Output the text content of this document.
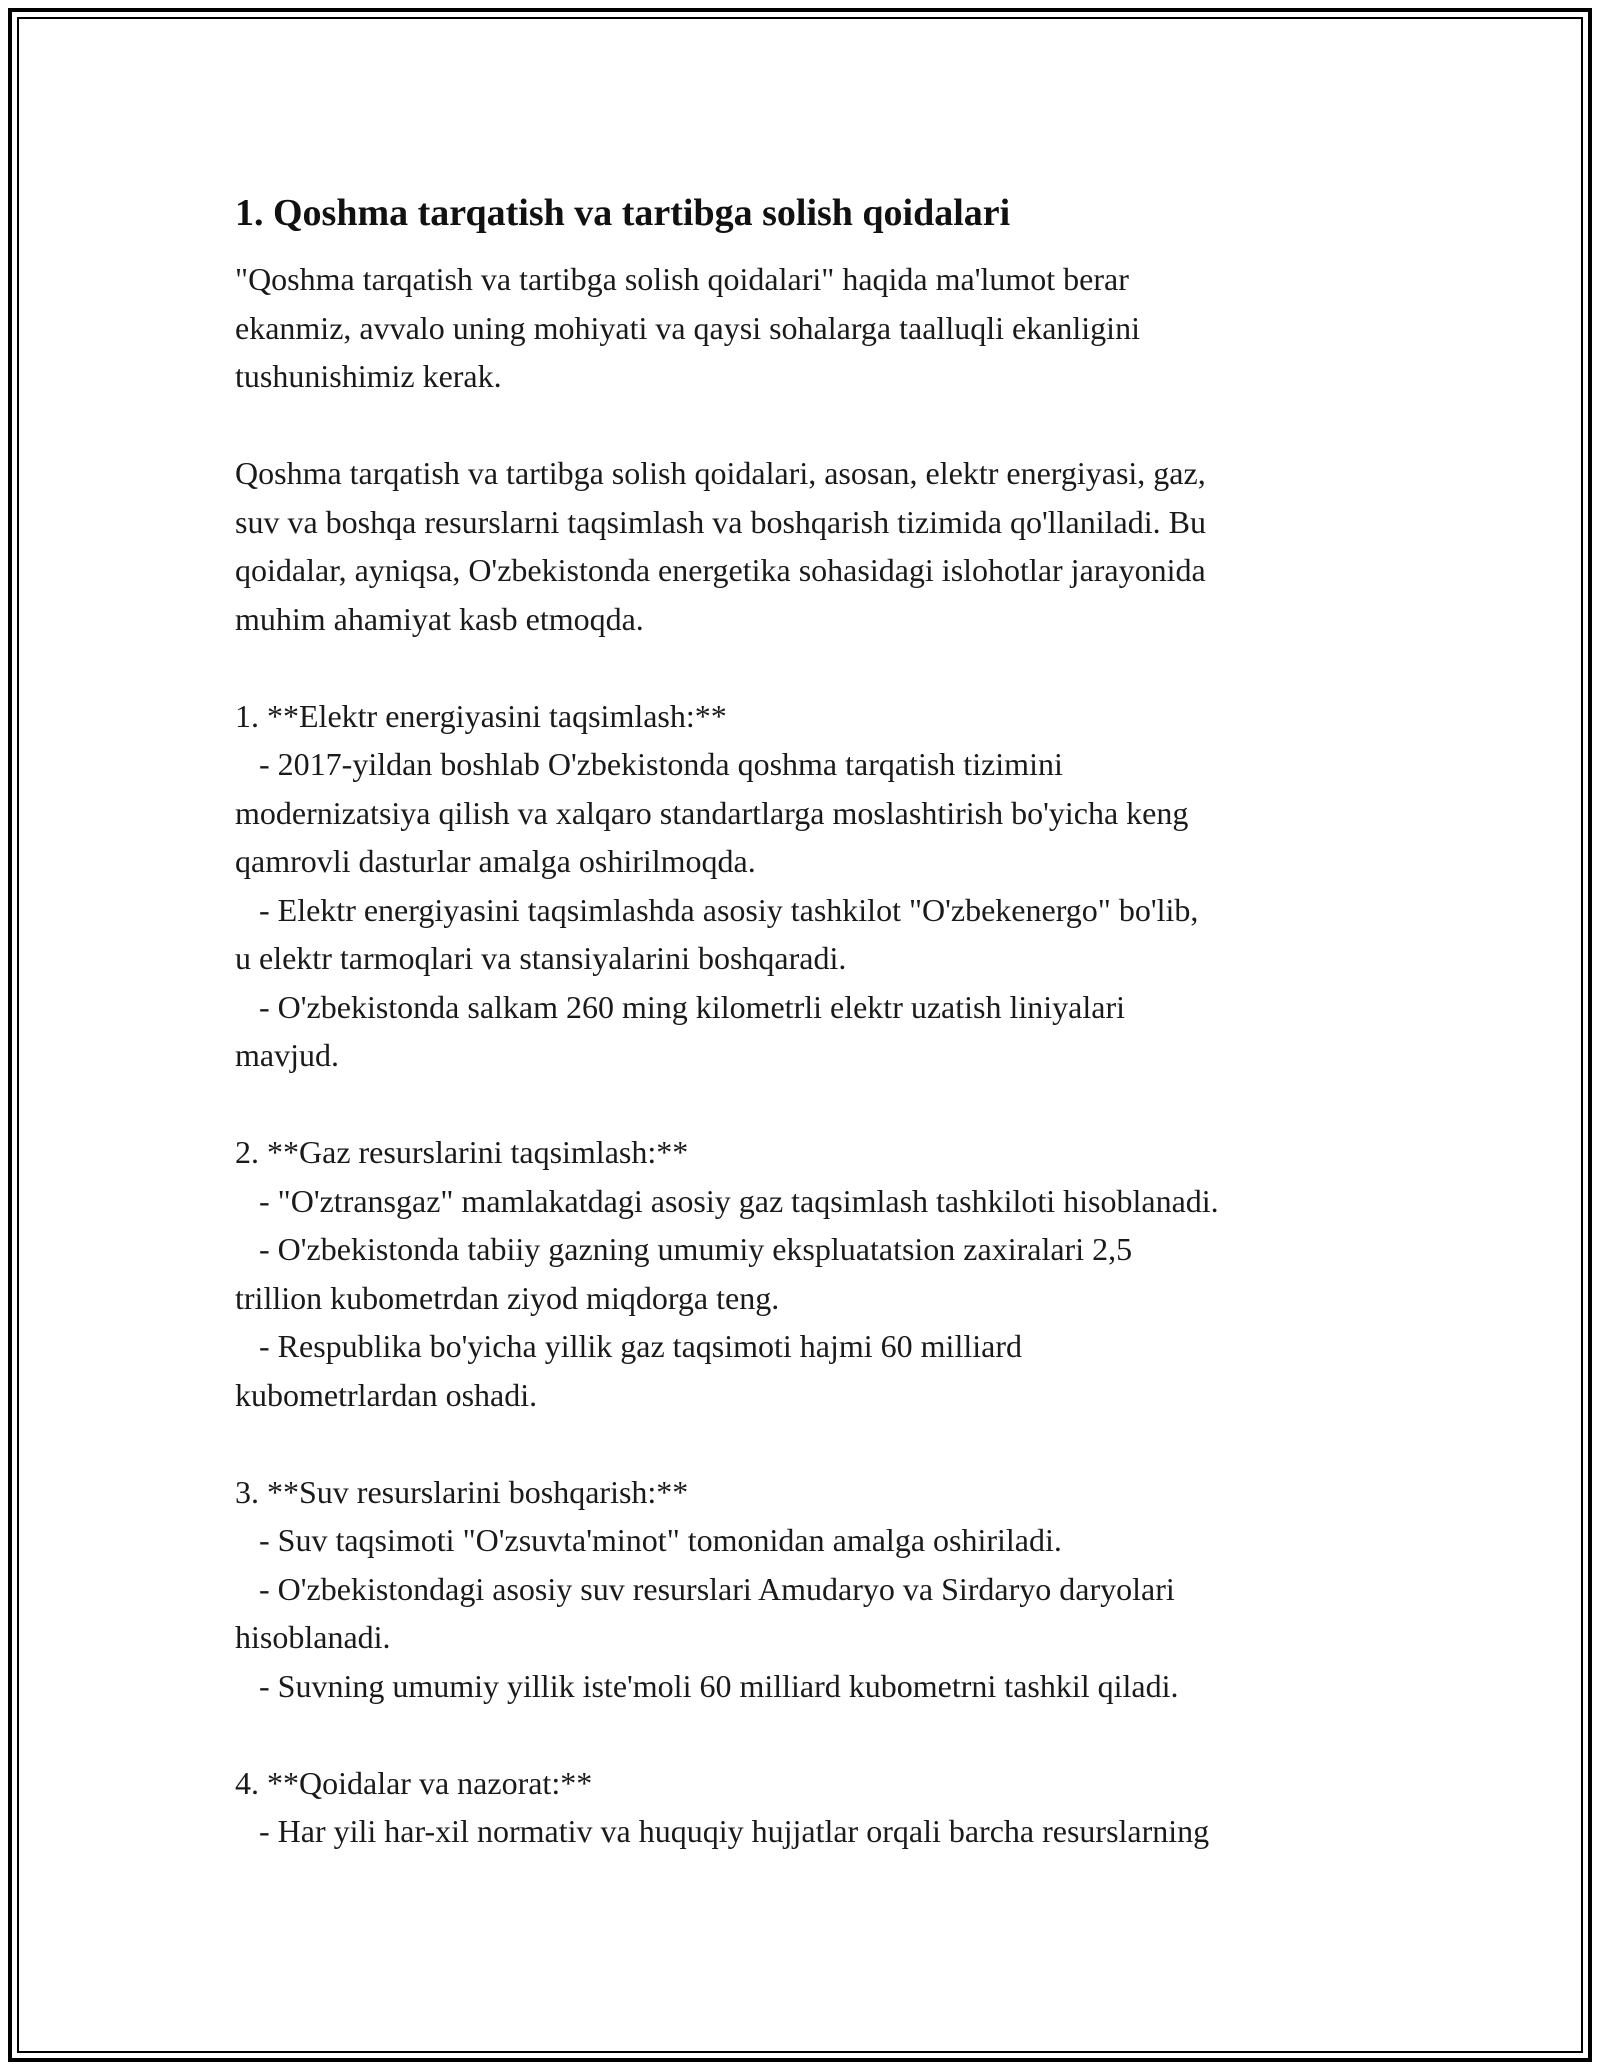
1. Qoshma tarqatish va tartibga solish qoidalari

"Qoshma tarqatish va tartibga solish qoidalari" haqida ma'lumot berar
ekanmiz, avvalo uning mohiyati va qaysi sohalarga taalluqli ekanligini
tushunishimiz kerak.

Qoshma tarqatish va tartibga solish qoidalari, asosan, elektr energiyasi, gaz,
suv va boshqa resurslarni taqsimlash va boshqarish tizimida qo'llaniladi. Bu
qoidalar, ayniqsa, O'zbekistonda energetika sohasidagi islohotlar jarayonida
muhim ahamiyat kasb etmoqda.

1. **Elektr energiyasini taqsimlash:**
- 2017-yildan boshlab O'zbekistonda qoshma tarqatish tizimini
modernizatsiya qilish va xalqaro standartlarga moslashtirish bo'yicha keng
qamrovli dasturlar amalga oshirilmoqda.
- Elektr energiyasini taqsimlashda asosiy tashkilot "O'zbekenergo" bo'lib,
u elektr tarmoqlari va stansiyalarini boshqaradi.
- O'zbekistonda salkam 260 ming kilometrli elektr uzatish liniyalari
mavjud.

2. **Gaz resurslarini taqsimlash:**
- "O'ztransgaz" mamlakatdagi asosiy gaz taqsimlash tashkiloti hisoblanadi.
- O'zbekistonda tabiiy gazning umumiy ekspluatatsion zaxiralari 2,5
trillion kubometrdan ziyod miqdorga teng.
- Respublika bo'yicha yillik gaz taqsimoti hajmi 60 milliard
kubometrlardan oshadi.

3. **Suv resurslarini boshqarish:**
- Suv taqsimoti "O'zsuvta'minot" tomonidan amalga oshiriladi.
- O'zbekistondagi asosiy suv resurslari Amudaryo va Sirdaryo daryolari
hisoblanadi.
- Suvning umumiy yillik iste'moli 60 milliard kubometrni tashkil qiladi.

4. **Qoidalar va nazorat:**
- Har yili har-xil normativ va huquqiy hujjatlar orqali barcha resurslarning
